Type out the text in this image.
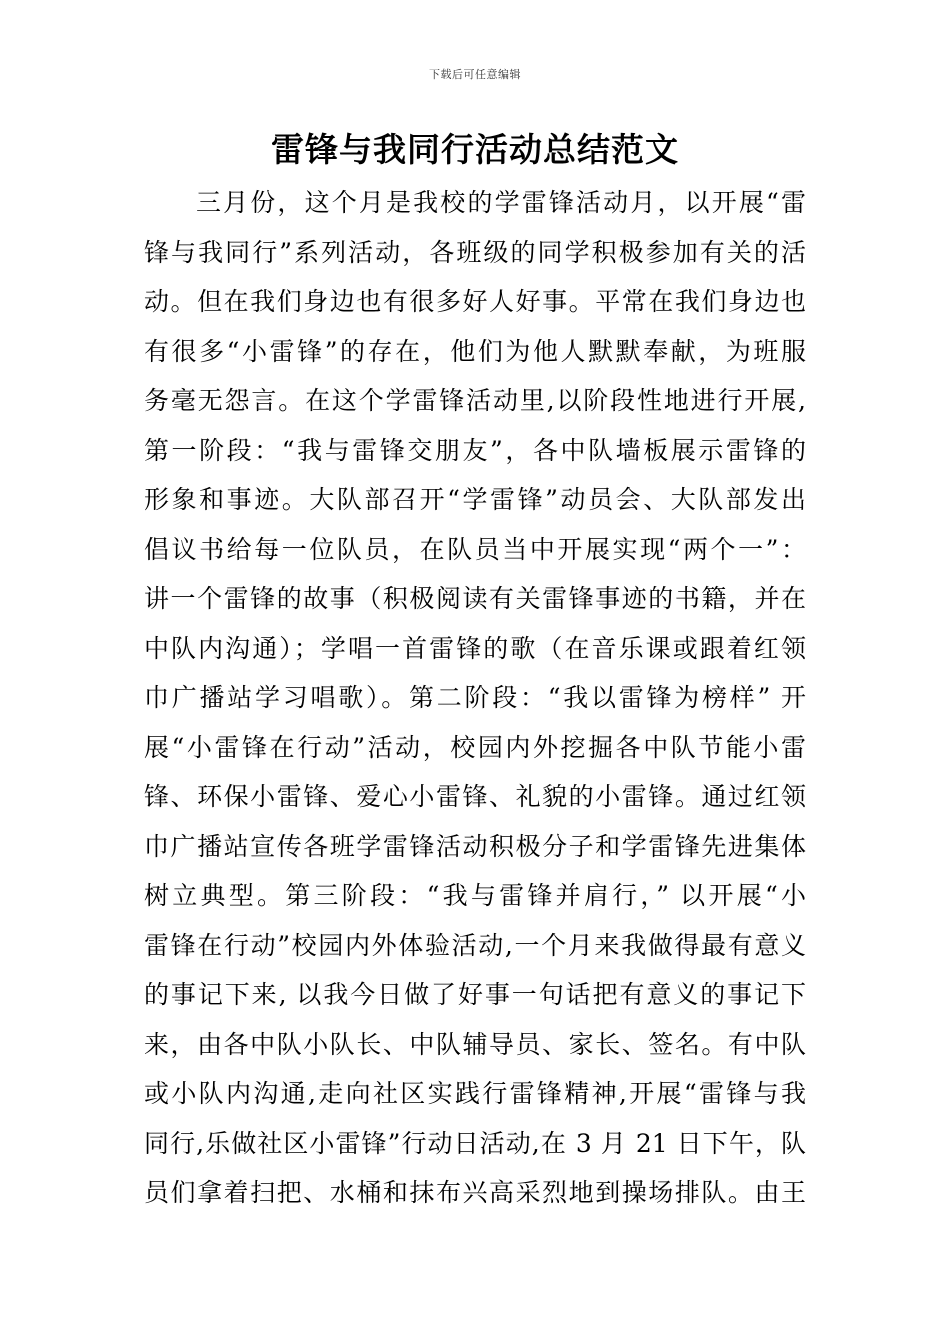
下载后可任意编辑
雷锋与我同行活动总结范文
三月份，这个月是我校的学雷锋活动月，以开展“雷
锋与我同行”系列活动，各班级的同学积极参加有关的活
动。但在我们身边也有很多好人好事。平常在我们身边也
有很多“小雷锋”的存在，他们为他人默默奉献，为班服
务毫无怨言。在这个学雷锋活动里,以阶段性地进行开展,
第一阶段：“我与雷锋交朋友”，各中队墙板展示雷锋的
形象和事迹。大队部召开“学雷锋”动员会、大队部发出
倡议书给每一位队员，在队员当中开展实现“两个一”：
讲一个雷锋的故事（积极阅读有关雷锋事迹的书籍，并在
中队内沟通）；学唱一首雷锋的歌（在音乐课或跟着红领
巾广播站学习唱歌）。第二阶段：“我以雷锋为榜样” 开
展“小雷锋在行动”活动，校园内外挖掘各中队节能小雷
锋、环保小雷锋、爱心小雷锋、礼貌的小雷锋。通过红领
巾广播站宣传各班学雷锋活动积极分子和学雷锋先进集体
树立典型。第三阶段：“我与雷锋并肩行，” 以开展“小
雷锋在行动”校园内外体验活动,一个月来我做得最有意义
的事记下来, 以我今日做了好事一句话把有意义的事记下
来，由各中队小队长、中队辅导员、家长、签名。有中队
或小队内沟通,走向社区实践行雷锋精神,开展“雷锋与我
同行,乐做社区小雷锋”行动日活动,在 3 月 21 日下午，队
员们拿着扫把、水桶和抹布兴高采烈地到操场排队。由王
